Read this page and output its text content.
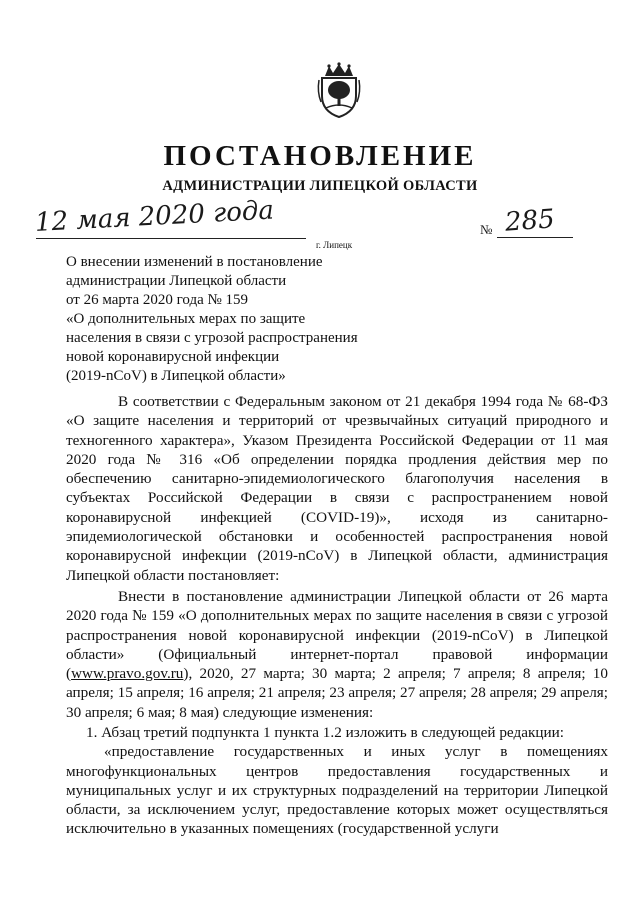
ПОСТАНОВЛЕНИЕ
АДМИНИСТРАЦИИ ЛИПЕЦКОЙ ОБЛАСТИ
12 мая 2020 года
г. Липецк
№ 285
О внесении изменений в постановление
администрации Липецкой области
от 26 марта 2020 года № 159
«О дополнительных мерах по защите
населения в связи с угрозой распространения
новой коронавирусной инфекции
(2019-nCoV) в Липецкой области»

В соответствии с Федеральным законом от 21 декабря 1994 года № 68-ФЗ «О защите населения и территорий от чрезвычайных ситуаций природного и техногенного характера», Указом Президента Российской Федерации от 11 мая 2020 года № 316 «Об определении порядка продления действия мер по обеспечению санитарно-эпидемиологического благополучия населения в субъектах Российской Федерации в связи с распространением новой коронавирусной инфекцией (COVID-19)», исходя из санитарно-эпидемиологической обстановки и особенностей распространения новой коронавирусной инфекции (2019-nCoV) в Липецкой области, администрация Липецкой области постановляет:

Внести в постановление администрации Липецкой области от 26 марта 2020 года № 159 «О дополнительных мерах по защите населения в связи с угрозой распространения новой коронавирусной инфекции (2019-nCoV) в Липецкой области» (Официальный интернет-портал правовой информации (www.pravo.gov.ru), 2020, 27 марта; 30 марта; 2 апреля; 7 апреля; 8 апреля; 10 апреля; 15 апреля; 16 апреля; 21 апреля; 23 апреля; 27 апреля; 28 апреля; 29 апреля; 30 апреля; 6 мая; 8 мая) следующие изменения:

1. Абзац третий подпункта 1 пункта 1.2 изложить в следующей редакции:

«предоставление государственных и иных услуг в помещениях многофункциональных центров предоставления государственных и муниципальных услуг и их структурных подразделений на территории Липецкой области, за исключением услуг, предоставление которых может осуществляться исключительно в указанных помещениях (государственной услуги
